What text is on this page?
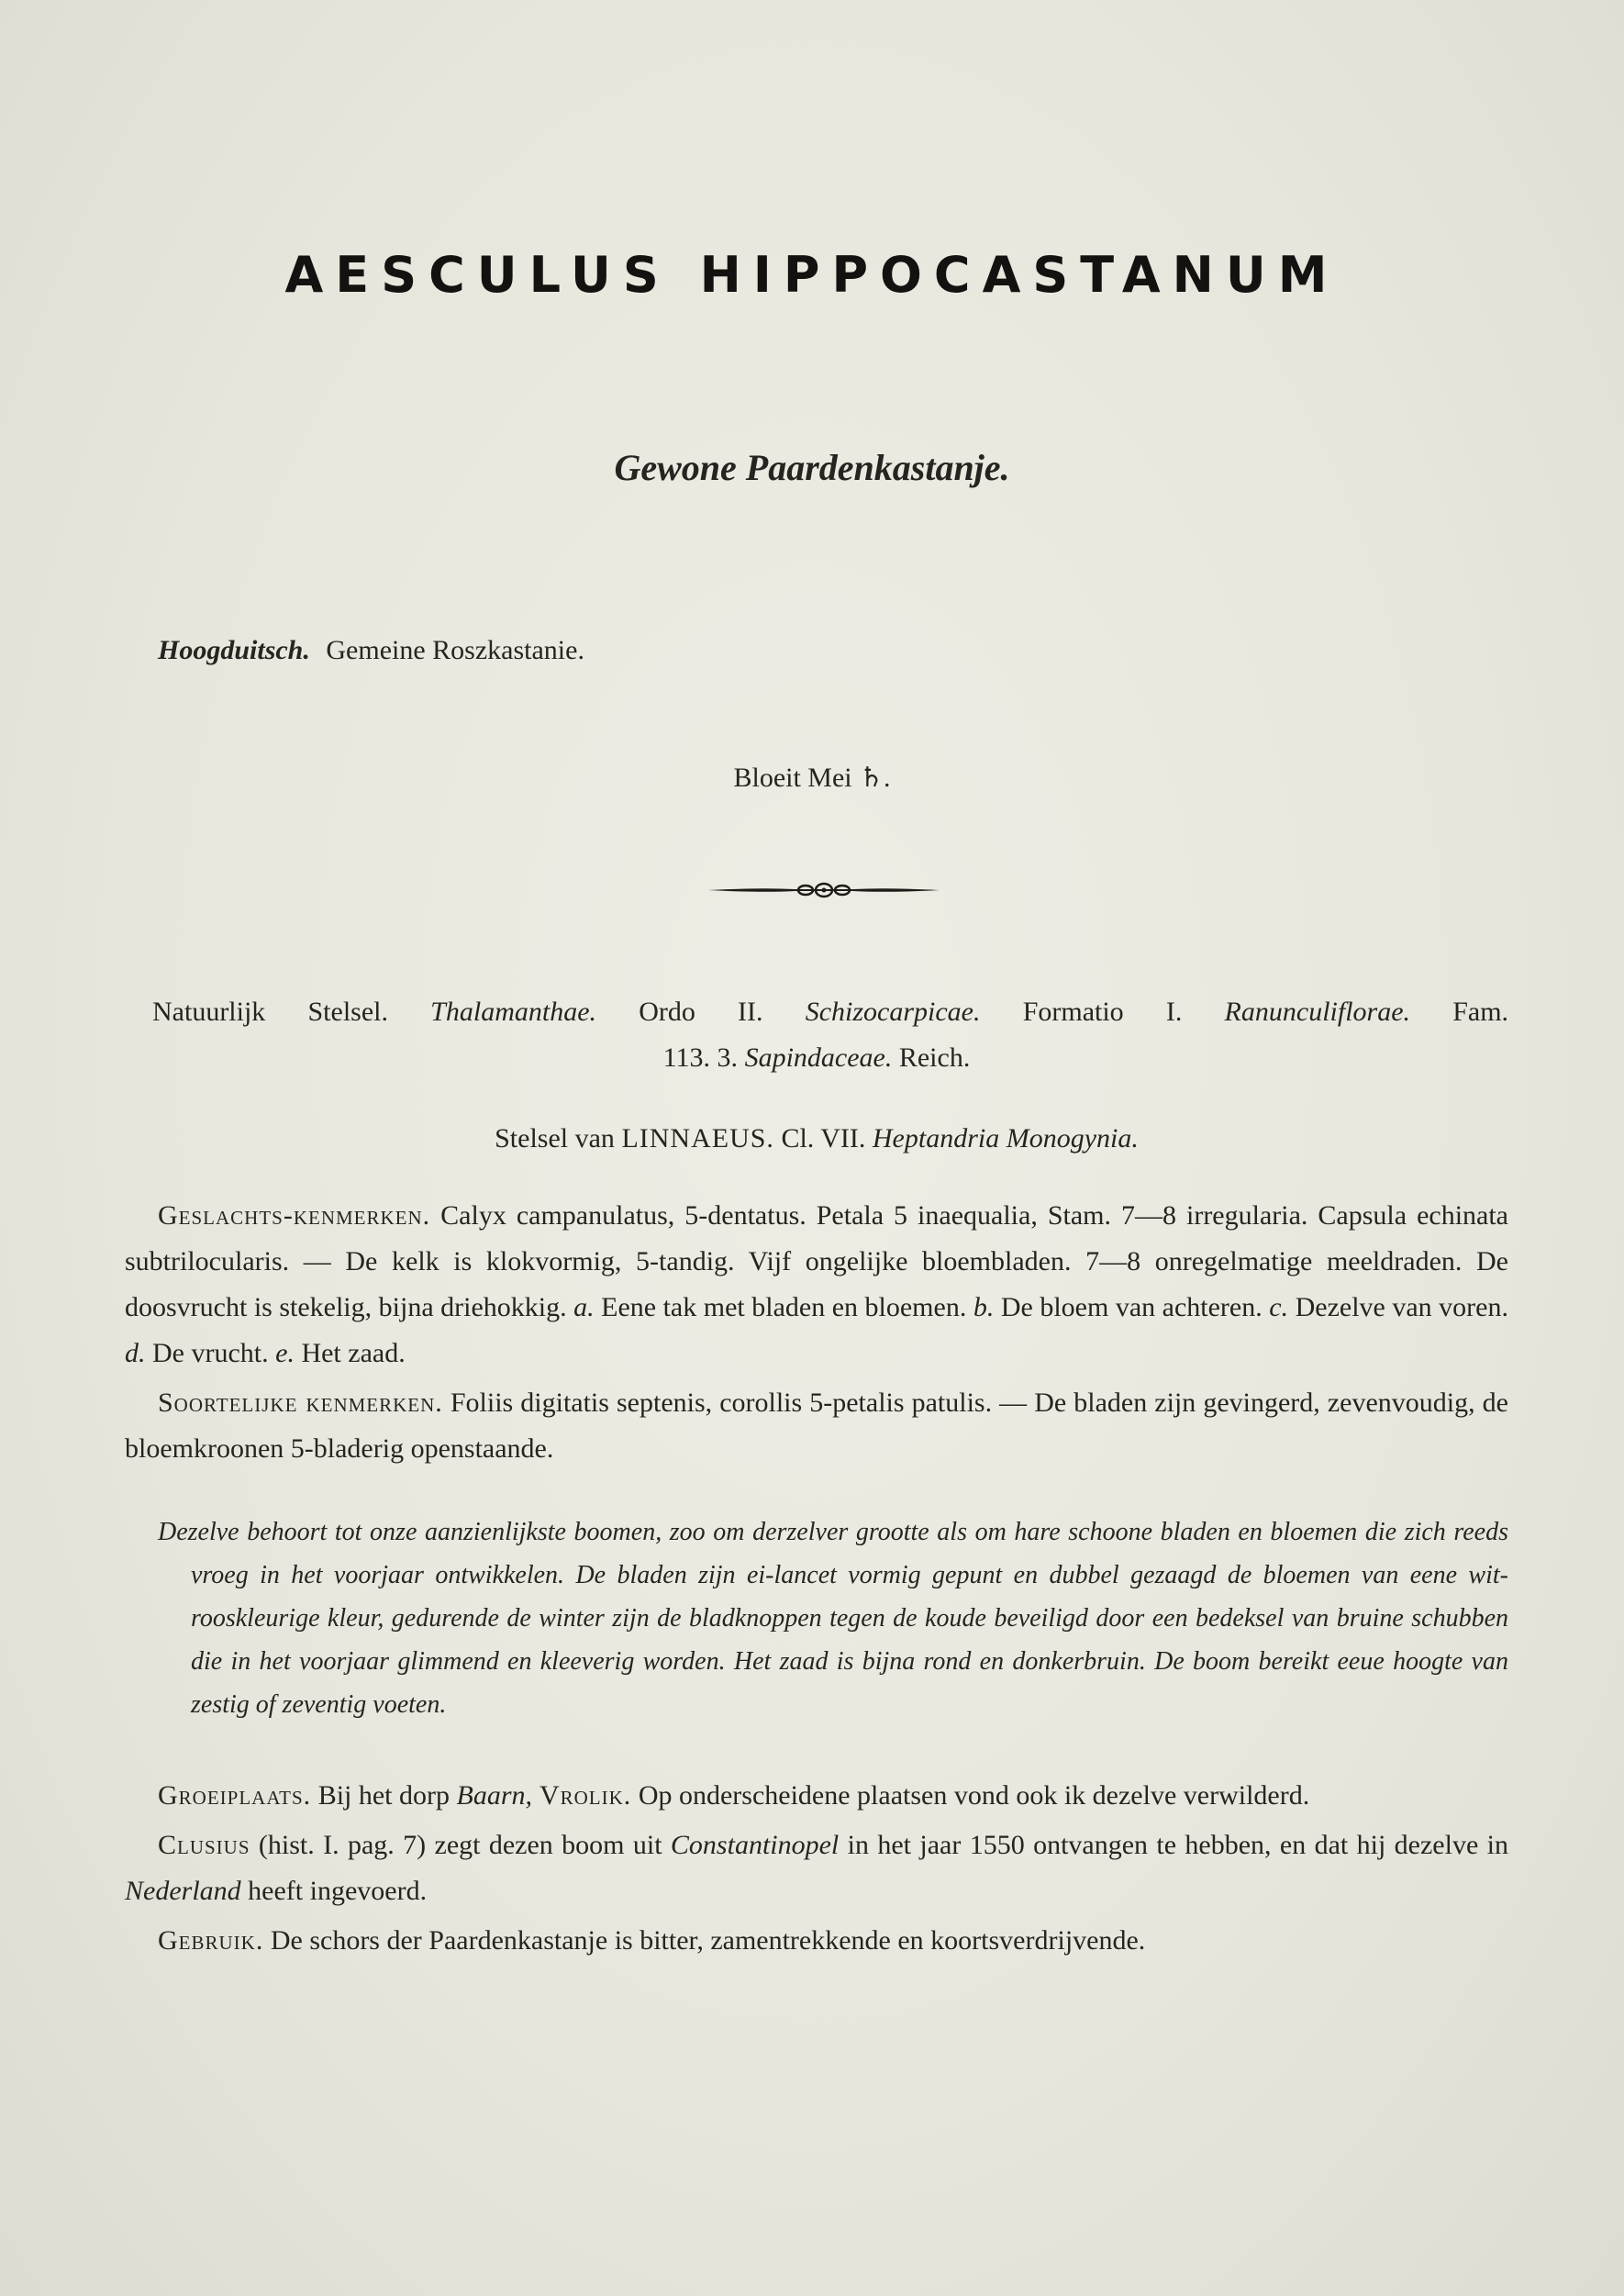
AESCULUS HIPPOCASTANUM
Gewone Paardenkastanje.
Hoogduitsch. Gemeine Roszkastanie.
Bloeit Mei ♄.
Natuurlijk Stelsel. Thalamanthae. Ordo II. Schizocarpicae. Formatio I. Ranunculiflorae. Fam.
113. 3. Sapindaceae. Reich.
Stelsel van LINNAEUS. Cl. VII. Heptandria Monogynia.

Geslachts-kenmerken. Calyx campanulatus, 5-dentatus. Petala 5 inaequalia, Stam. 7—8 irregularia. Capsula echinata subtrilocularis. — De kelk is klokvormig, 5-tandig. Vijf ongelijke bloembladen. 7—8 onregelmatige meeldraden. De doosvrucht is stekelig, bijna driehokkig. a. Eene tak met bladen en bloemen. b. De bloem van achteren. c. Dezelve van voren. d. De vrucht. e. Het zaad.

Soortelijke kenmerken. Foliis digitatis septenis, corollis 5-petalis patulis. — De bladen zijn gevingerd, zevenvoudig, de bloemkroonen 5-bladerig openstaande.

Dezelve behoort tot onze aanzienlijkste boomen, zoo om derzelver grootte als om hare schoone bladen en bloemen die zich reeds vroeg in het voorjaar ontwikkelen. De bladen zijn ei-lancet vormig gepunt en dubbel gezaagd de bloemen van eene wit- rooskleurige kleur, gedurende de winter zijn de bladknoppen tegen de koude beveiligd door een bedeksel van bruine schubben die in het voorjaar glimmend en kleeverig worden. Het zaad is bijna rond en donkerbruin. De boom bereikt eeue hoogte van zestig of zeventig voeten.

Groeiplaats. Bij het dorp Baarn, Vrolik. Op onderscheidene plaatsen vond ook ik dezelve verwilderd.

Clusius (hist. I. pag. 7) zegt dezen boom uit Constantinopel in het jaar 1550 ontvangen te hebben, en dat hij dezelve in Nederland heeft ingevoerd.

Gebruik. De schors der Paardenkastanje is bitter, zamentrekkende en koortsverdrijvende.
